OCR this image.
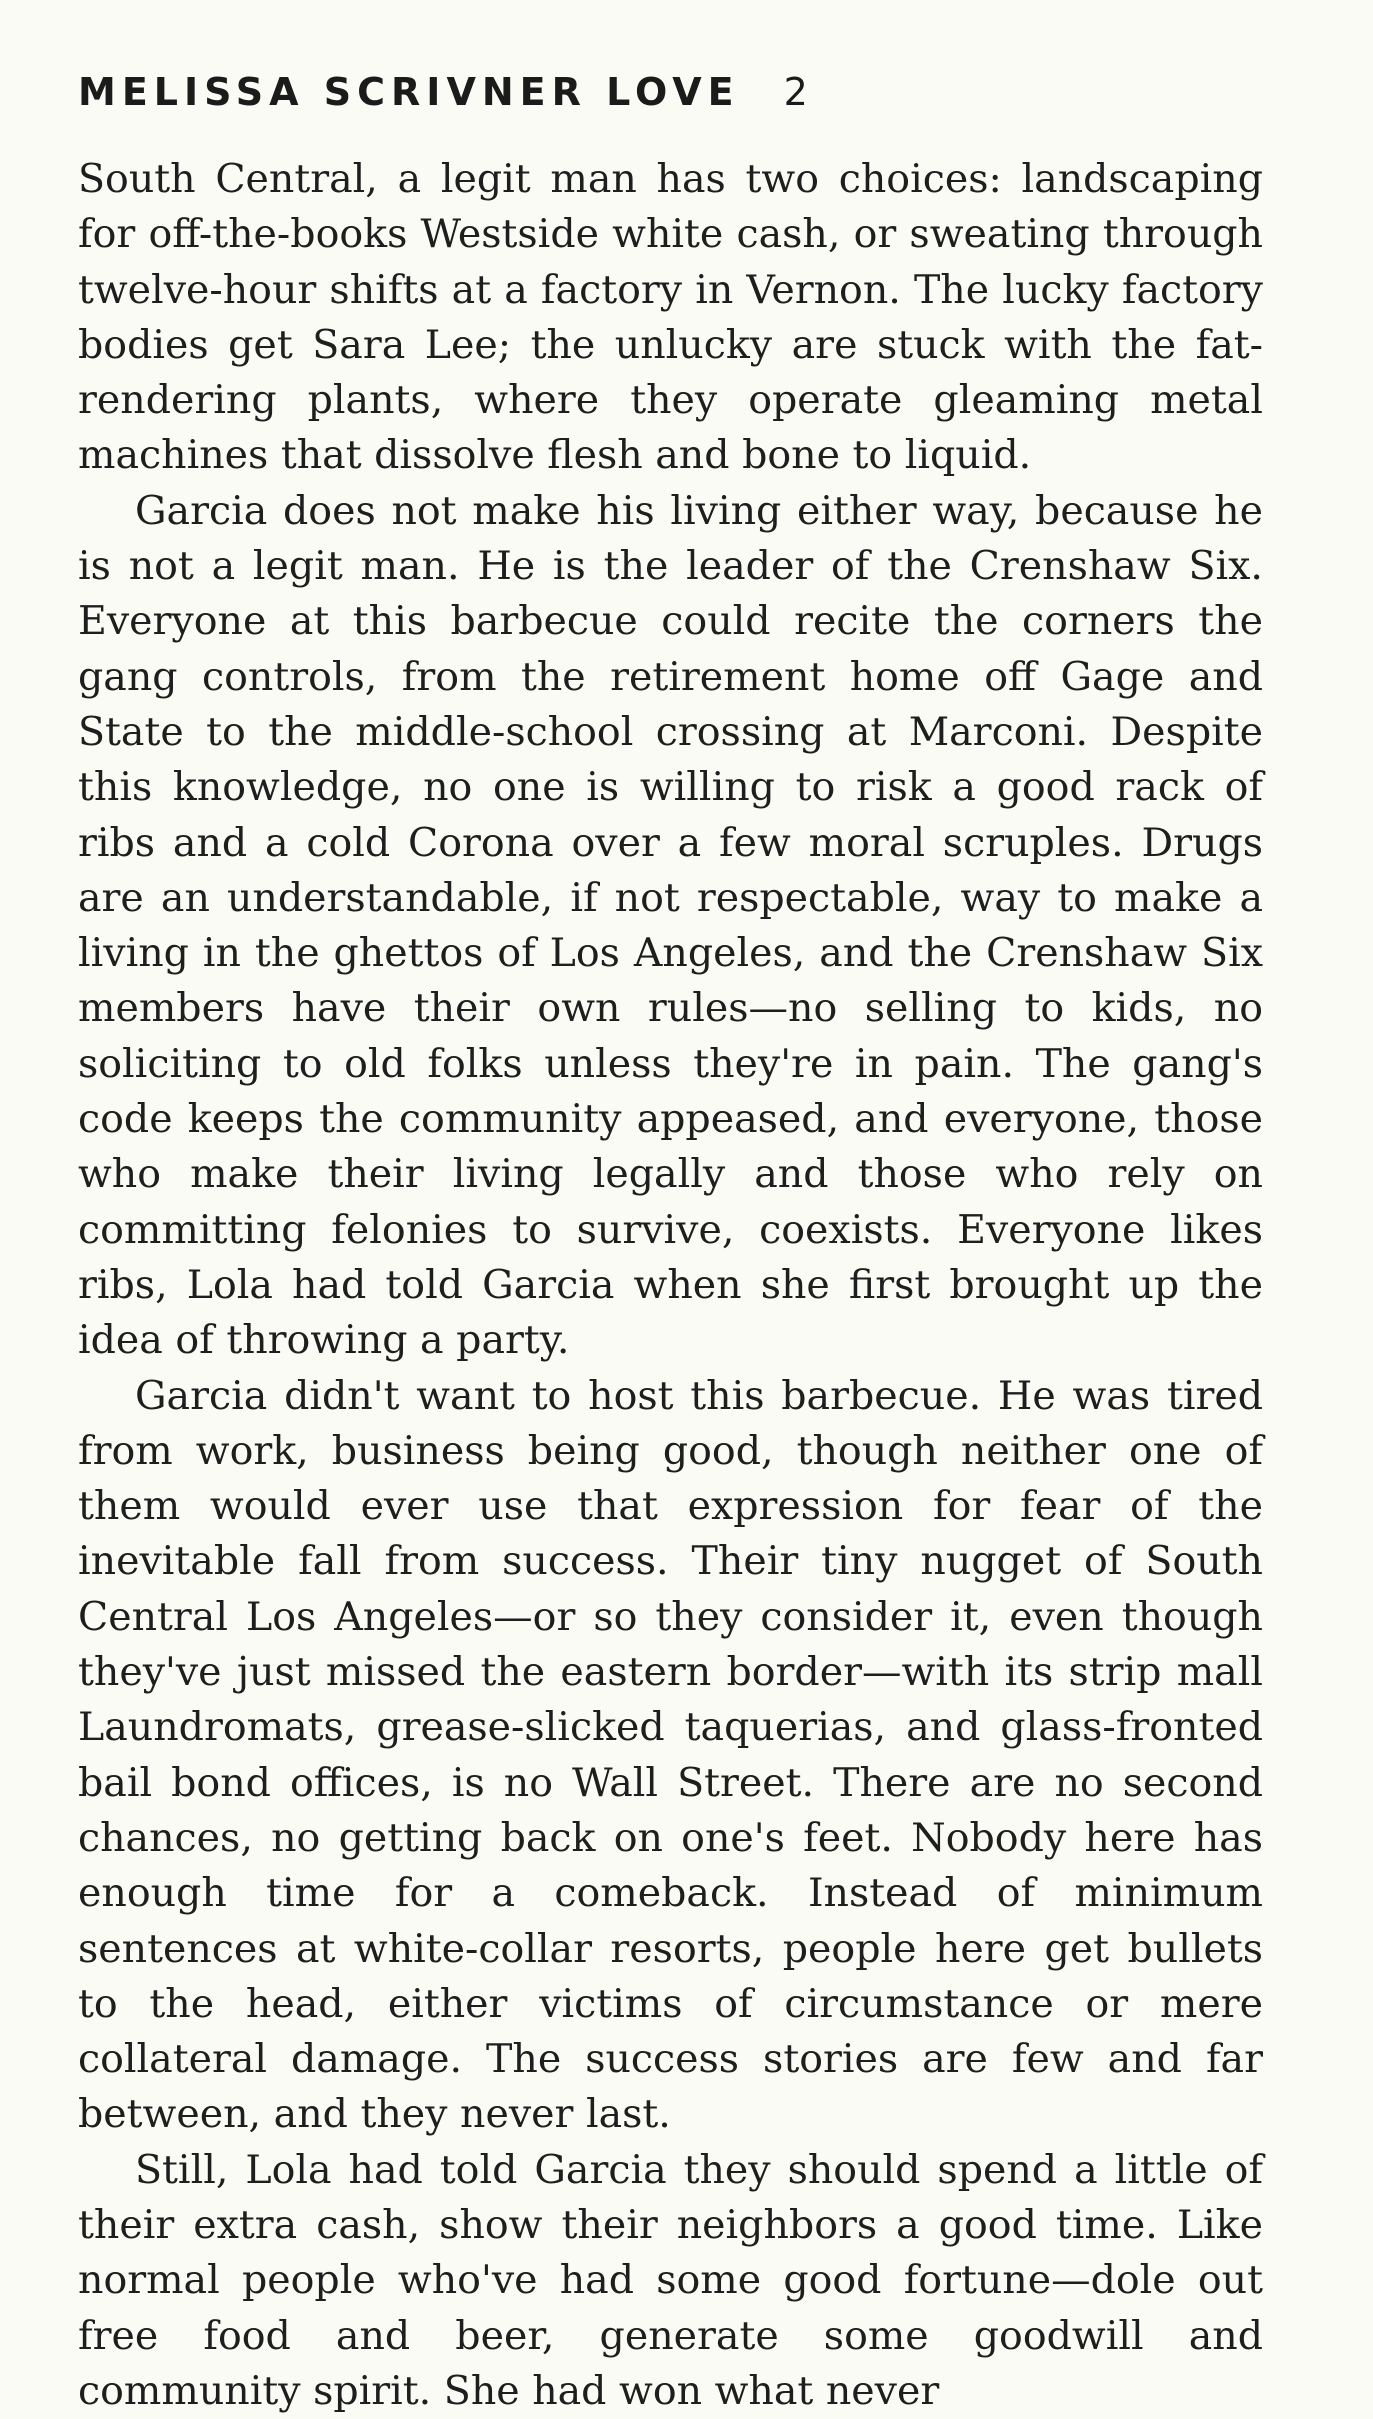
MELISSA SCRIVNER LOVE 2

South Central, a legit man has two choices: landscaping for off-the-books Westside white cash, or sweating through twelve-hour shifts at a factory in Vernon. The lucky factory bodies get Sara Lee; the unlucky are stuck with the fat-rendering plants, where they operate gleaming metal machines that dissolve flesh and bone to liquid.

Garcia does not make his living either way, because he is not a legit man. He is the leader of the Crenshaw Six. Everyone at this barbecue could recite the corners the gang controls, from the retirement home off Gage and State to the middle-school crossing at Marconi. Despite this knowledge, no one is willing to risk a good rack of ribs and a cold Corona over a few moral scruples. Drugs are an understandable, if not respectable, way to make a living in the ghettos of Los Angeles, and the Crenshaw Six members have their own rules—no selling to kids, no soliciting to old folks unless they're in pain. The gang's code keeps the community appeased, and everyone, those who make their living legally and those who rely on committing felonies to survive, coexists. Everyone likes ribs, Lola had told Garcia when she first brought up the idea of throwing a party.

Garcia didn't want to host this barbecue. He was tired from work, business being good, though neither one of them would ever use that expression for fear of the inevitable fall from success. Their tiny nugget of South Central Los Angeles—or so they consider it, even though they've just missed the eastern border—with its strip mall Laundromats, grease-slicked taquerias, and glass-fronted bail bond offices, is no Wall Street. There are no second chances, no getting back on one's feet. Nobody here has enough time for a comeback. Instead of minimum sentences at white-collar resorts, people here get bullets to the head, either victims of circumstance or mere collateral damage. The success stories are few and far between, and they never last.

Still, Lola had told Garcia they should spend a little of their extra cash, show their neighbors a good time. Like normal people who've had some good fortune—dole out free food and beer, generate some goodwill and community spirit. She had won what never
